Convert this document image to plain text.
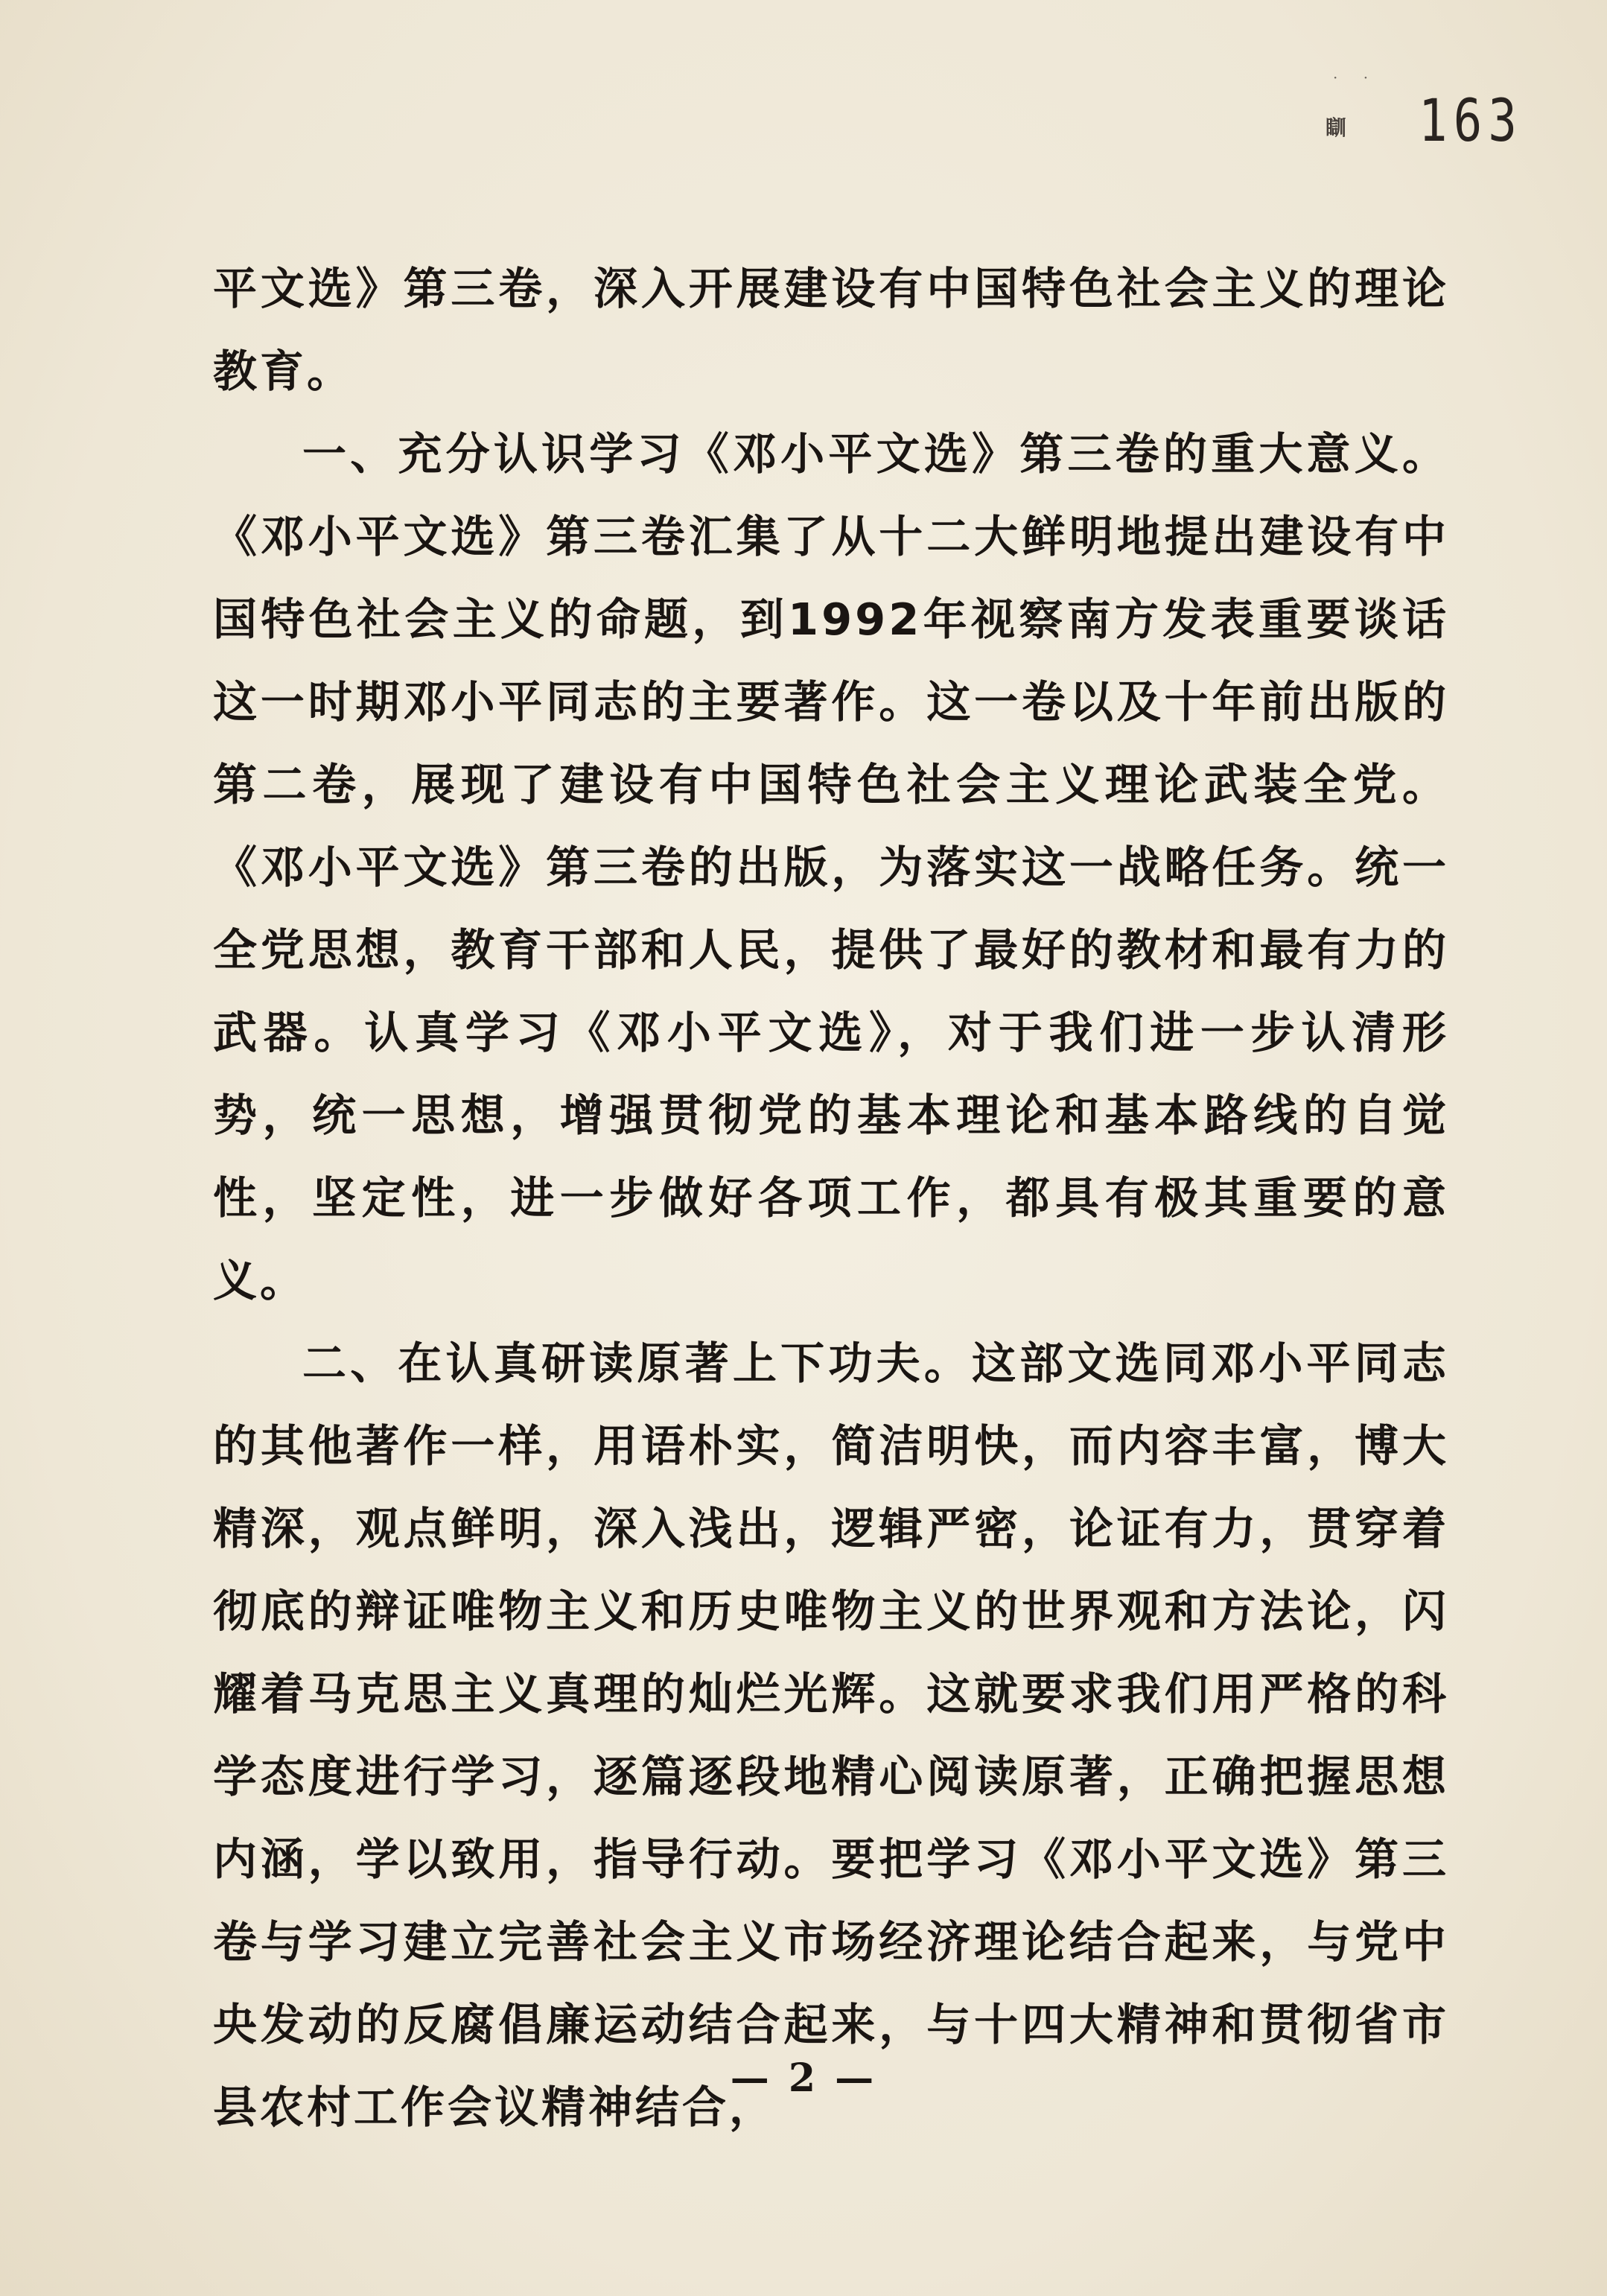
· ·
瞓 163

平文选》第三卷，深入开展建设有中国特色社会主义的理论教育。

一、充分认识学习《邓小平文选》第三卷的重大意义。《邓小平文选》第三卷汇集了从十二大鲜明地提出建设有中国特色社会主义的命题，到1992年视察南方发表重要谈话这一时期邓小平同志的主要著作。这一卷以及十年前出版的第二卷，展现了建设有中国特色社会主义理论武装全党。《邓小平文选》第三卷的出版，为落实这一战略任务。统一全党思想，教育干部和人民，提供了最好的教材和最有力的武器。认真学习《邓小平文选》，对于我们进一步认清形势，统一思想，增强贯彻党的基本理论和基本路线的自觉性，坚定性，进一步做好各项工作，都具有极其重要的意义。

二、在认真研读原著上下功夫。这部文选同邓小平同志的其他著作一样，用语朴实，简洁明快，而内容丰富，博大精深，观点鲜明，深入浅出，逻辑严密，论证有力，贯穿着彻底的辩证唯物主义和历史唯物主义的世界观和方法论，闪耀着马克思主义真理的灿烂光辉。这就要求我们用严格的科学态度进行学习，逐篇逐段地精心阅读原著，正确把握思想内涵，学以致用，指导行动。要把学习《邓小平文选》第三卷与学习建立完善社会主义市场经济理论结合起来，与党中央发动的反腐倡廉运动结合起来，与十四大精神和贯彻省市县农村工作会议精神结合，

— 2 —
